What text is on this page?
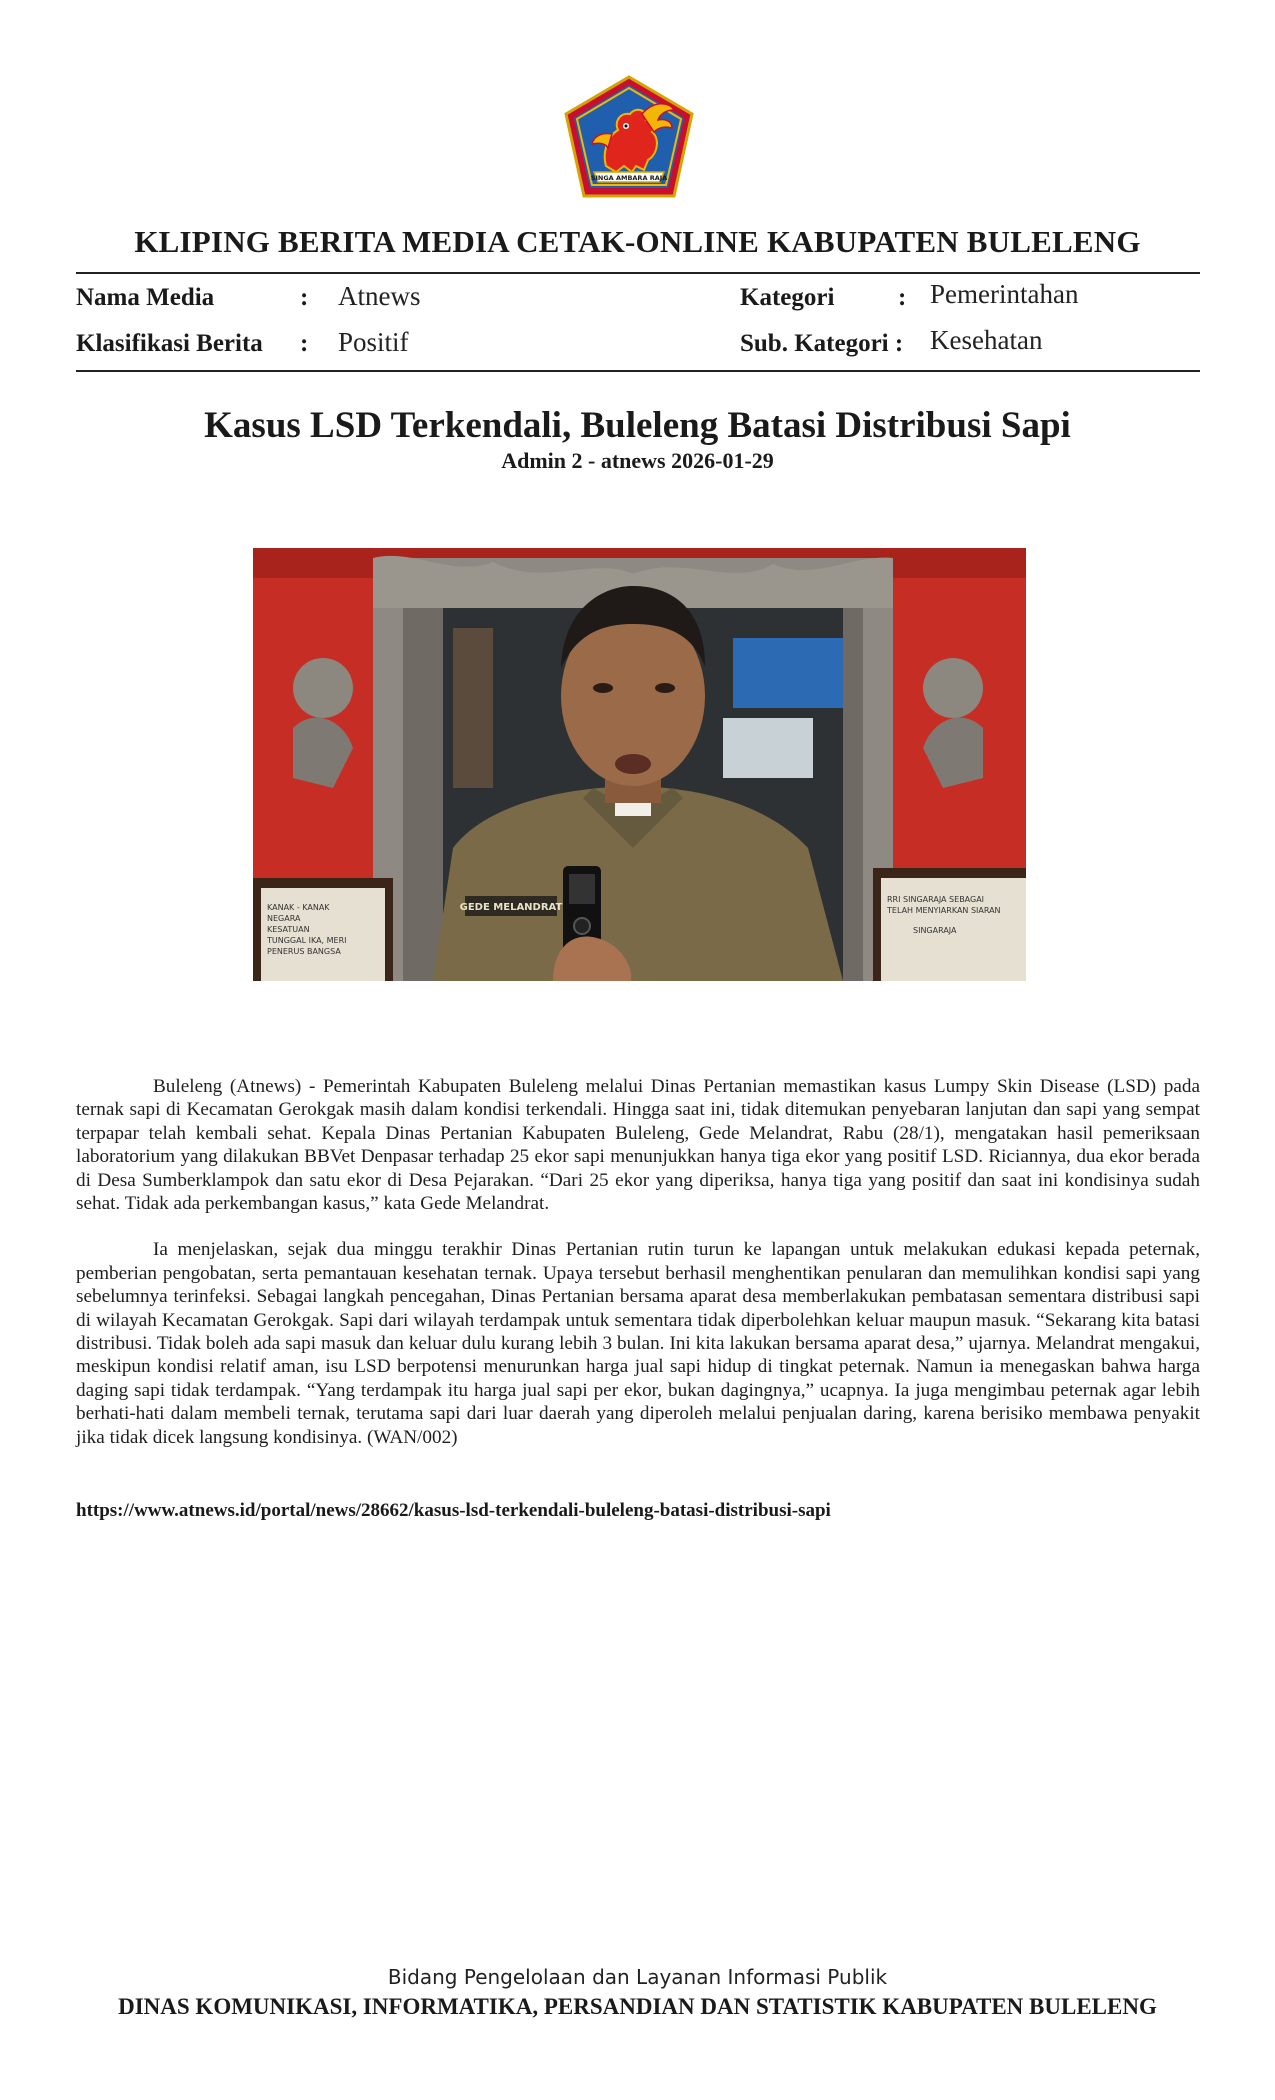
SINGA AMBARA RAJA
KLIPING BERITA MEDIA CETAK-ONLINE KABUPATEN BULELENG
Nama Media	: Atnews	Kategori	: Pemerintahan
Klasifikasi Berita : Positif	Sub. Kategori : Kesehatan
Kasus LSD Terkendali, Buleleng Batasi Distribusi Sapi
Admin 2 - atnews 2026-01-29
KANAK - KANAK NEGARA KESATUAN TUNGGAL IKA, MERI PENERUS BANGSA
RRI SINGARAJA SEBAGAI TELAH MENYIARKAN SIARAN SINGARAJA
GEDE MELANDRAT

Buleleng (Atnews) - Pemerintah Kabupaten Buleleng melalui Dinas Pertanian memastikan kasus Lumpy Skin Disease (LSD) pada ternak sapi di Kecamatan Gerokgak masih dalam kondisi terkendali. Hingga saat ini, tidak ditemukan penyebaran lanjutan dan sapi yang sempat terpapar telah kembali sehat. Kepala Dinas Pertanian Kabupaten Buleleng, Gede Melandrat, Rabu (28/1), mengatakan hasil pemeriksaan laboratorium yang dilakukan BBVet Denpasar terhadap 25 ekor sapi menunjukkan hanya tiga ekor yang positif LSD. Riciannya, dua ekor berada di Desa Sumberklampok dan satu ekor di Desa Pejarakan. “Dari 25 ekor yang diperiksa, hanya tiga yang positif dan saat ini kondisinya sudah sehat. Tidak ada perkembangan kasus,” kata Gede Melandrat.

Ia menjelaskan, sejak dua minggu terakhir Dinas Pertanian rutin turun ke lapangan untuk melakukan edukasi kepada peternak, pemberian pengobatan, serta pemantauan kesehatan ternak. Upaya tersebut berhasil menghentikan penularan dan memulihkan kondisi sapi yang sebelumnya terinfeksi. Sebagai langkah pencegahan, Dinas Pertanian bersama aparat desa memberlakukan pembatasan sementara distribusi sapi di wilayah Kecamatan Gerokgak. Sapi dari wilayah terdampak untuk sementara tidak diperbolehkan keluar maupun masuk. “Sekarang kita batasi distribusi. Tidak boleh ada sapi masuk dan keluar dulu kurang lebih 3 bulan. Ini kita lakukan bersama aparat desa,” ujarnya. Melandrat mengakui, meskipun kondisi relatif aman, isu LSD berpotensi menurunkan harga jual sapi hidup di tingkat peternak. Namun ia menegaskan bahwa harga daging sapi tidak terdampak. “Yang terdampak itu harga jual sapi per ekor, bukan dagingnya,” ucapnya. Ia juga mengimbau peternak agar lebih berhati-hati dalam membeli ternak, terutama sapi dari luar daerah yang diperoleh melalui penjualan daring, karena berisiko membawa penyakit jika tidak dicek langsung kondisinya. (WAN/002)

https://www.atnews.id/portal/news/28662/kasus-lsd-terkendali-buleleng-batasi-distribusi-sapi
Bidang Pengelolaan dan Layanan Informasi Publik
DINAS KOMUNIKASI, INFORMATIKA, PERSANDIAN DAN STATISTIK KABUPATEN BULELENG
